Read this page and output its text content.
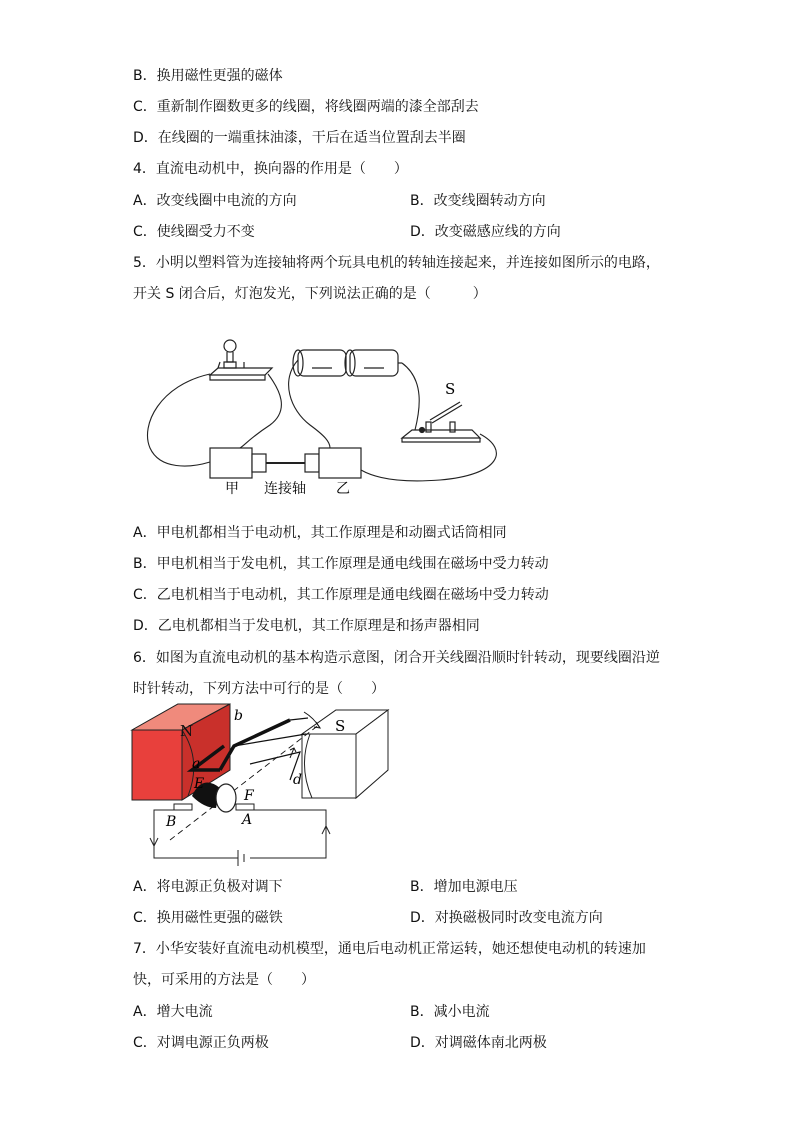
B．换用磁性更强的磁体
C．重新制作圈数更多的线圈，将线圈两端的漆全部刮去
D．在线圈的一端重抹油漆，干后在适当位置刮去半圈
4．直流电动机中，换向器的作用是（　　）
A．改变线圈中电流的方向	B．改变线圈转动方向
C．使线圈受力不变	D．改变磁感应线的方向
5．小明以塑料管为连接轴将两个玩具电机的转轴连接起来，并连接如图所示的电路，
开关 S 闭合后，灯泡发光，下列说法正确的是（　　　）
S
甲 连接轴 乙
A．甲电机都相当于电动机，其工作原理是和动圈式话筒相同
B．甲电机相当于发电机，其工作原理是通电线围在磁场中受力转动
C．乙电机相当于电动机，其工作原理是通电线圈在磁场中受力转动
D．乙电机都相当于发电机，其工作原理是和扬声器相同
6．如图为直流电动机的基本构造示意图，闭合开关线圈沿顺时针转动，现要线圈沿逆
时针转动，下列方法中可行的是（　　）
N	S
b
a
E	d
F
A
B
A．将电源正负极对调下	B．增加电源电压
C．换用磁性更强的磁铁	D．对换磁极同时改变电流方向
7．小华安装好直流电动机模型，通电后电动机正常运转，她还想使电动机的转速加
快，可采用的方法是（　　）
A．增大电流	B．减小电流
C．对调电源正负两极	D．对调磁体南北两极
